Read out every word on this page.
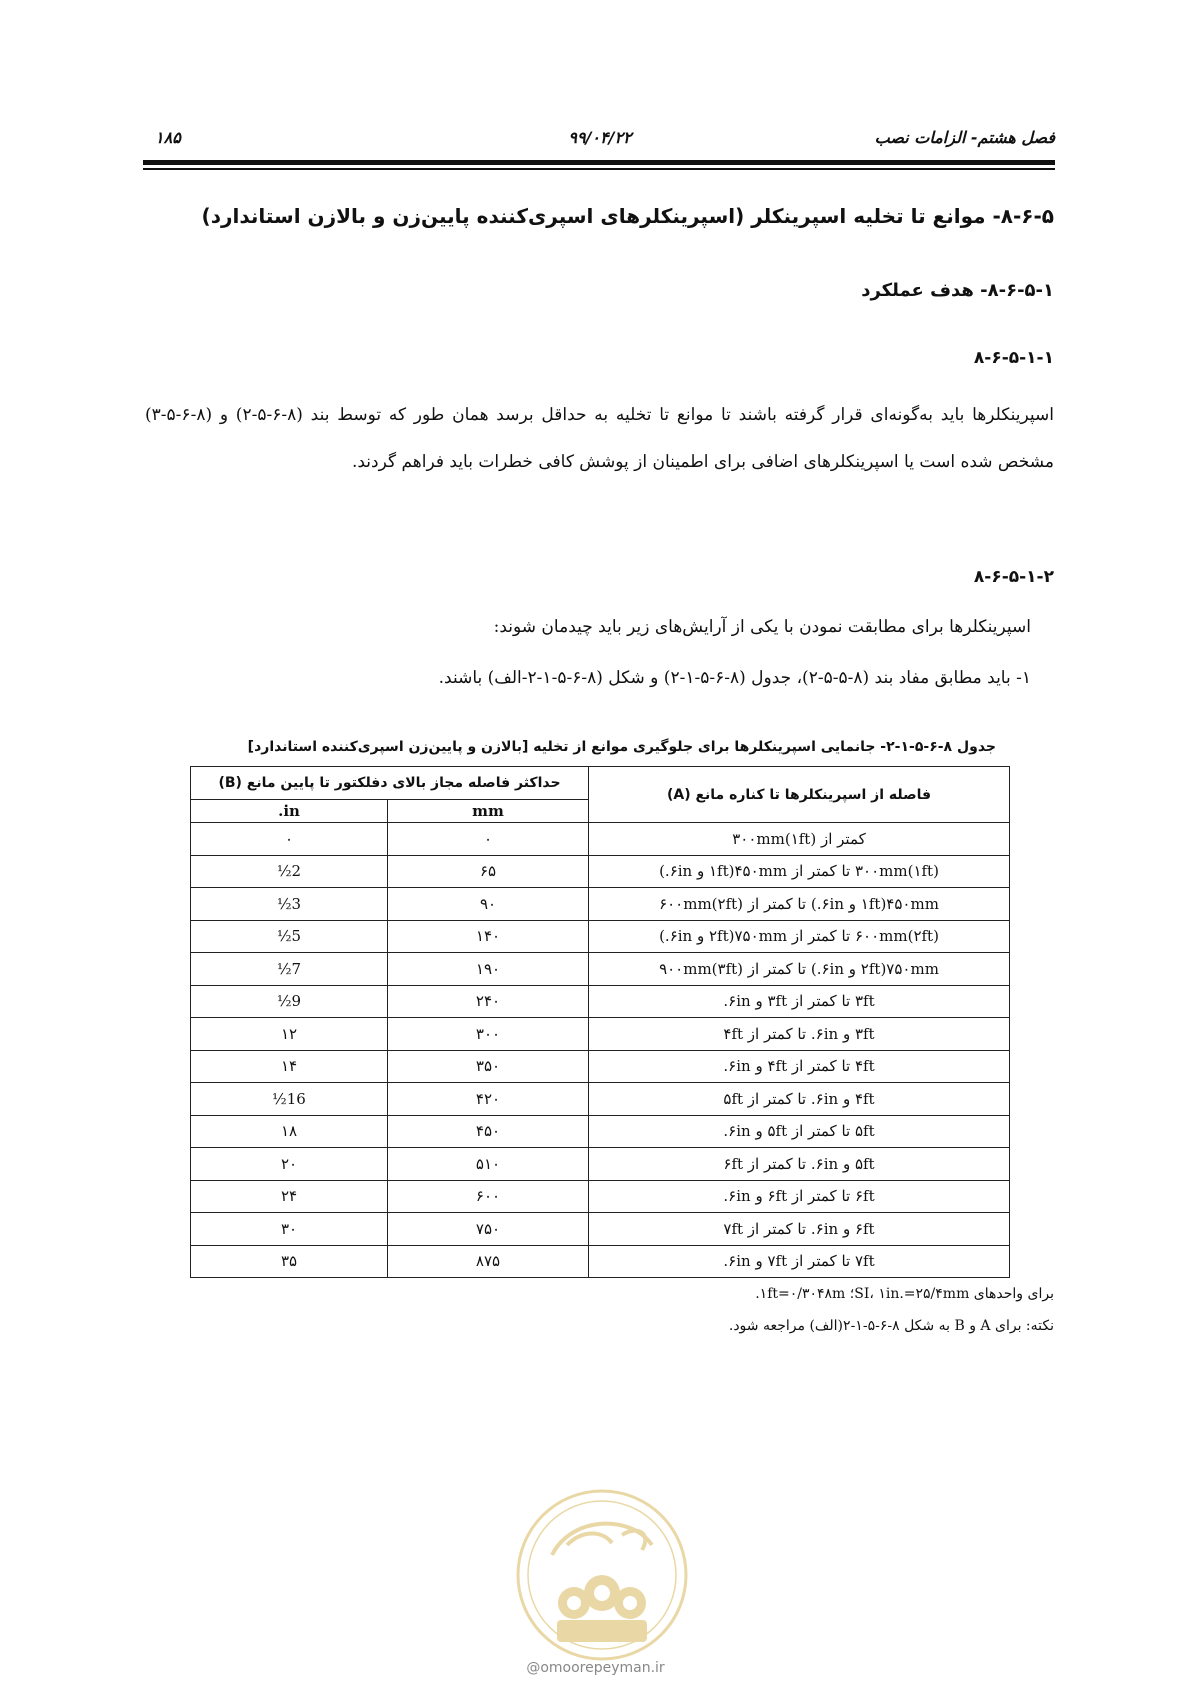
۱۸۵	۹۹/۰۴/۲۲	فصل هشتم- الزامات نصب
۸-۶-۵- موانع تا تخلیه اسپرینکلر (اسپرینکلرهای اسپری‌کننده پایین‌زن و بالازن استاندارد)
۸-۶-۵-۱- هدف عملکرد
۸-۶-۵-۱-۱
اسپرینکلرها باید به‌گونه‌ای قرار گرفته باشند تا موانع تا تخلیه به حداقل برسد همان طور که توسط بند (۸-۶-۵-۲) و (۸-۶-۵-۳) مشخص شده است یا اسپرینکلرهای اضافی برای اطمینان از پوشش کافی خطرات باید فراهم گردند.
۸-۶-۵-۱-۲
اسپرینکلرها برای مطابقت نمودن با یکی از آرایش‌های زیر باید چیدمان شوند:
۱- باید مطابق مفاد بند (۸-۵-۵-۲)، جدول (۸-۶-۵-۱-۲) و شکل (۸-۶-۵-۱-۲-الف) باشند.
جدول ۸-۶-۵-۱-۲- جانمایی اسپرینکلرها برای جلوگیری موانع از تخلیه [بالازن و پایین‌زن اسپری‌کننده استاندارد]
فاصله از اسپرینکلرها تا کناره مانع (A)	حداکثر فاصله مجاز بالای دفلکتور تا پایین مانع (B)	
	mm	in.
کمتر از ۳۰۰mm(۱ft)	۰	۰
۳۰۰mm(۱ft) تا کمتر از ۴۵۰mm(۱ft و ۶in.)	۶۵	2½
۴۵۰mm(۱ft و ۶in.) تا کمتر از ۶۰۰mm(۲ft)	۹۰	3½
۶۰۰mm(۲ft) تا کمتر از ۷۵۰mm(۲ft و ۶in.)	۱۴۰	5½
۷۵۰mm(۲ft و ۶in.) تا کمتر از ۹۰۰mm(۳ft)	۱۹۰	7½
۳ft تا کمتر از ۳ft و ۶in.	۲۴۰	9½
۳ft و ۶in. تا کمتر از ۴ft	۳۰۰	۱۲
۴ft تا کمتر از ۴ft و ۶in.	۳۵۰	۱۴
۴ft و ۶in. تا کمتر از ۵ft	۴۲۰	16½
۵ft تا کمتر از ۵ft و ۶in.	۴۵۰	۱۸
۵ft و ۶in. تا کمتر از ۶ft	۵۱۰	۲۰
۶ft تا کمتر از ۶ft و ۶in.	۶۰۰	۲۴
۶ft و ۶in. تا کمتر از ۷ft	۷۵۰	۳۰
۷ft تا کمتر از ۷ft و ۶in.	۸۷۵	۳۵
برای واحدهای SI، ۱in.=۲۵/۴mm؛ ۱ft=۰/۳۰۴۸m.
نکته: برای A و B به شکل ۸-۶-۵-۱-۲(الف) مراجعه شود.
@omoorepeyman.ir
